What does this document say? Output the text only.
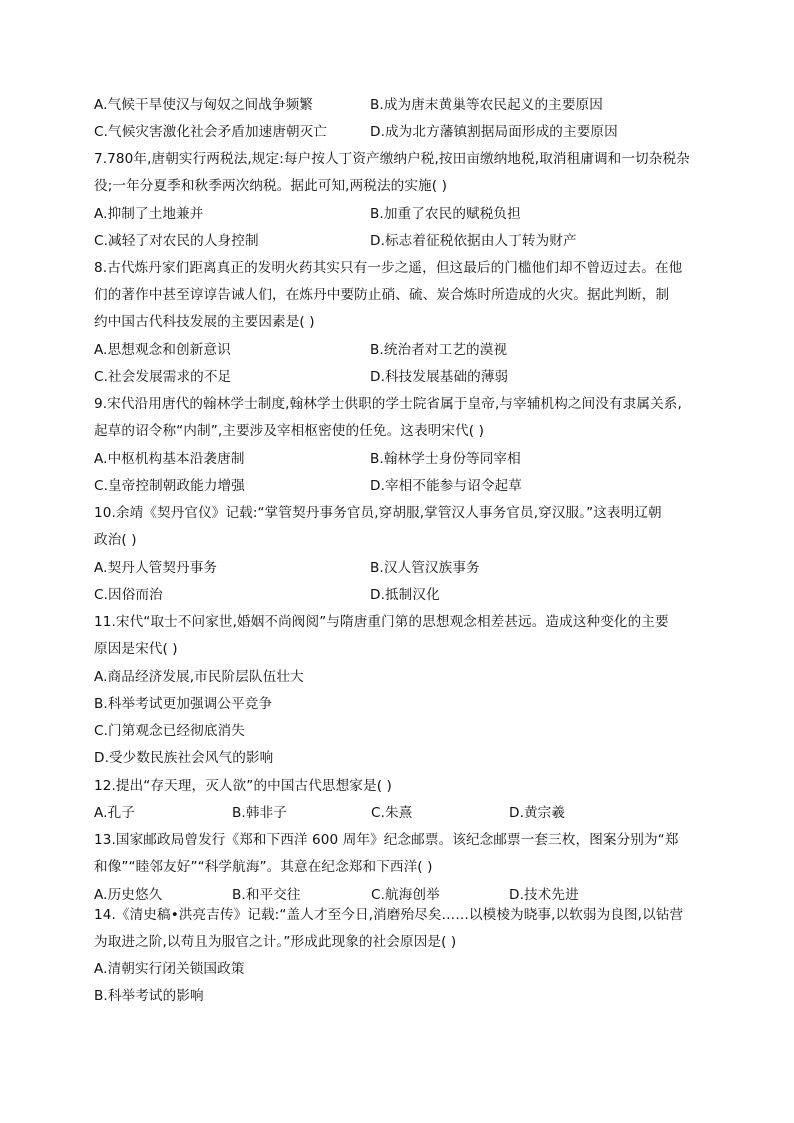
A.气候干旱使汉与匈奴之间战争频繁	B.成为唐末黄巢等农民起义的主要原因
C.气候灾害激化社会矛盾加速唐朝灭亡	D.成为北方藩镇割据局面形成的主要原因
7.780年,唐朝实行两税法,规定:每户按人丁资产缴纳户税,按田亩缴纳地税,取消租庸调和一切杂税杂
役;一年分夏季和秋季两次纳税。据此可知,两税法的实施( )
A.抑制了土地兼并	B.加重了农民的赋税负担
C.减轻了对农民的人身控制	D.标志着征税依据由人丁转为财产
8.古代炼丹家们距离真正的发明火药其实只有一步之遥，但这最后的门槛他们却不曾迈过去。在他
们的著作中甚至谆谆告诫人们，在炼丹中要防止硝、硫、炭合炼时所造成的火灾。据此判断，制
约中国古代科技发展的主要因素是( )
A.思想观念和创新意识	B.统治者对工艺的漠视
C.社会发展需求的不足	D.科技发展基础的薄弱
9.宋代沿用唐代的翰林学士制度,翰林学士供职的学士院省属于皇帝,与宰辅机构之间没有隶属关系,
起草的诏令称“内制”,主要涉及宰相枢密使的任免。这表明宋代( )
A.中枢机构基本沿袭唐制	B.翰林学士身份等同宰相
C.皇帝控制朝政能力增强	D.宰相不能参与诏令起草
10.余靖《契丹官仪》记载:“掌管契丹事务官员,穿胡服,掌管汉人事务官员,穿汉服。”这表明辽朝
政治( )
A.契丹人管契丹事务	B.汉人管汉族事务
C.因俗而治	D.抵制汉化
11.宋代“取士不问家世,婚姻不尚阀阅”与隋唐重门第的思想观念相差甚远。造成这种变化的主要
原因是宋代( )
A.商品经济发展,市民阶层队伍壮大
B.科举考试更加强调公平竞争
C.门第观念已经彻底消失
D.受少数民族社会风气的影响
12.提出“存天理，灭人欲”的中国古代思想家是( )
A.孔子	B.韩非子	C.朱熹	D.黄宗羲
13.国家邮政局曾发行《郑和下西洋 600 周年》纪念邮票。该纪念邮票一套三枚，图案分别为“郑
和像”“睦邻友好”“科学航海”。其意在纪念郑和下西洋( )
A.历史悠久	B.和平交往	C.航海创举	D.技术先进
14.《清史稿•洪亮吉传》记载:“盖人才至今日,消磨殆尽矣……以模棱为晓事,以软弱为良图,以钻营
为取进之阶,以苟且为服官之计。”形成此现象的社会原因是( )
A.清朝实行闭关锁国政策
B.科举考试的影响
